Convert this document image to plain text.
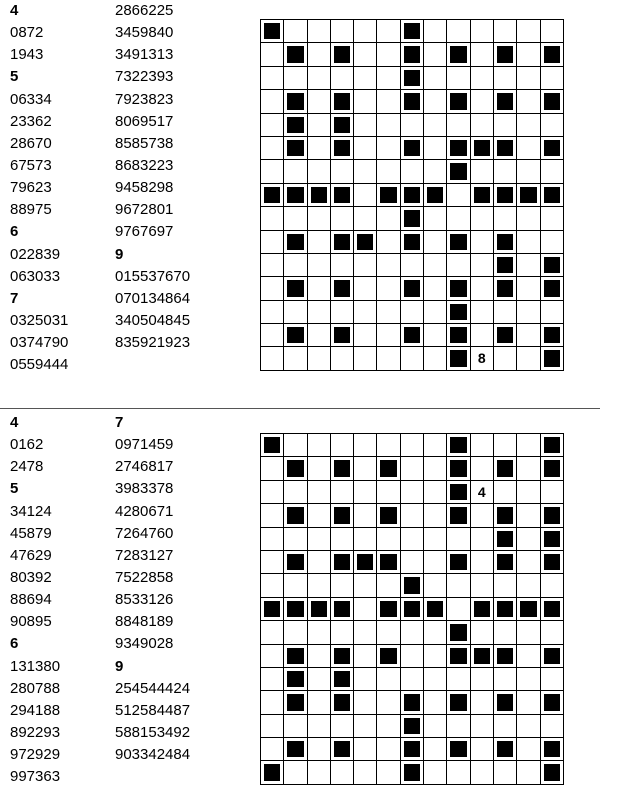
4
0872
1943
5
06334
23362
28670
67573
79623
88975
6
022839
063033
7
0325031
0374790
0559444
2866225
3459840
3491313
7322393
7923823
8069517
8585738
8683223
9458298
9672801
9767697
9
015537670
070134864
340504845
835921923

									8			

4
0162
2478
5
34124
45879
47629
80392
88694
90895
6
131380
280788
294188
892293
972929
997363
7
0971459
2746817
3983378
4280671
7264760
7283127
7522858
8533126
8848189
9349028
9
254544424
512584487
588153492
903342484

									4			
